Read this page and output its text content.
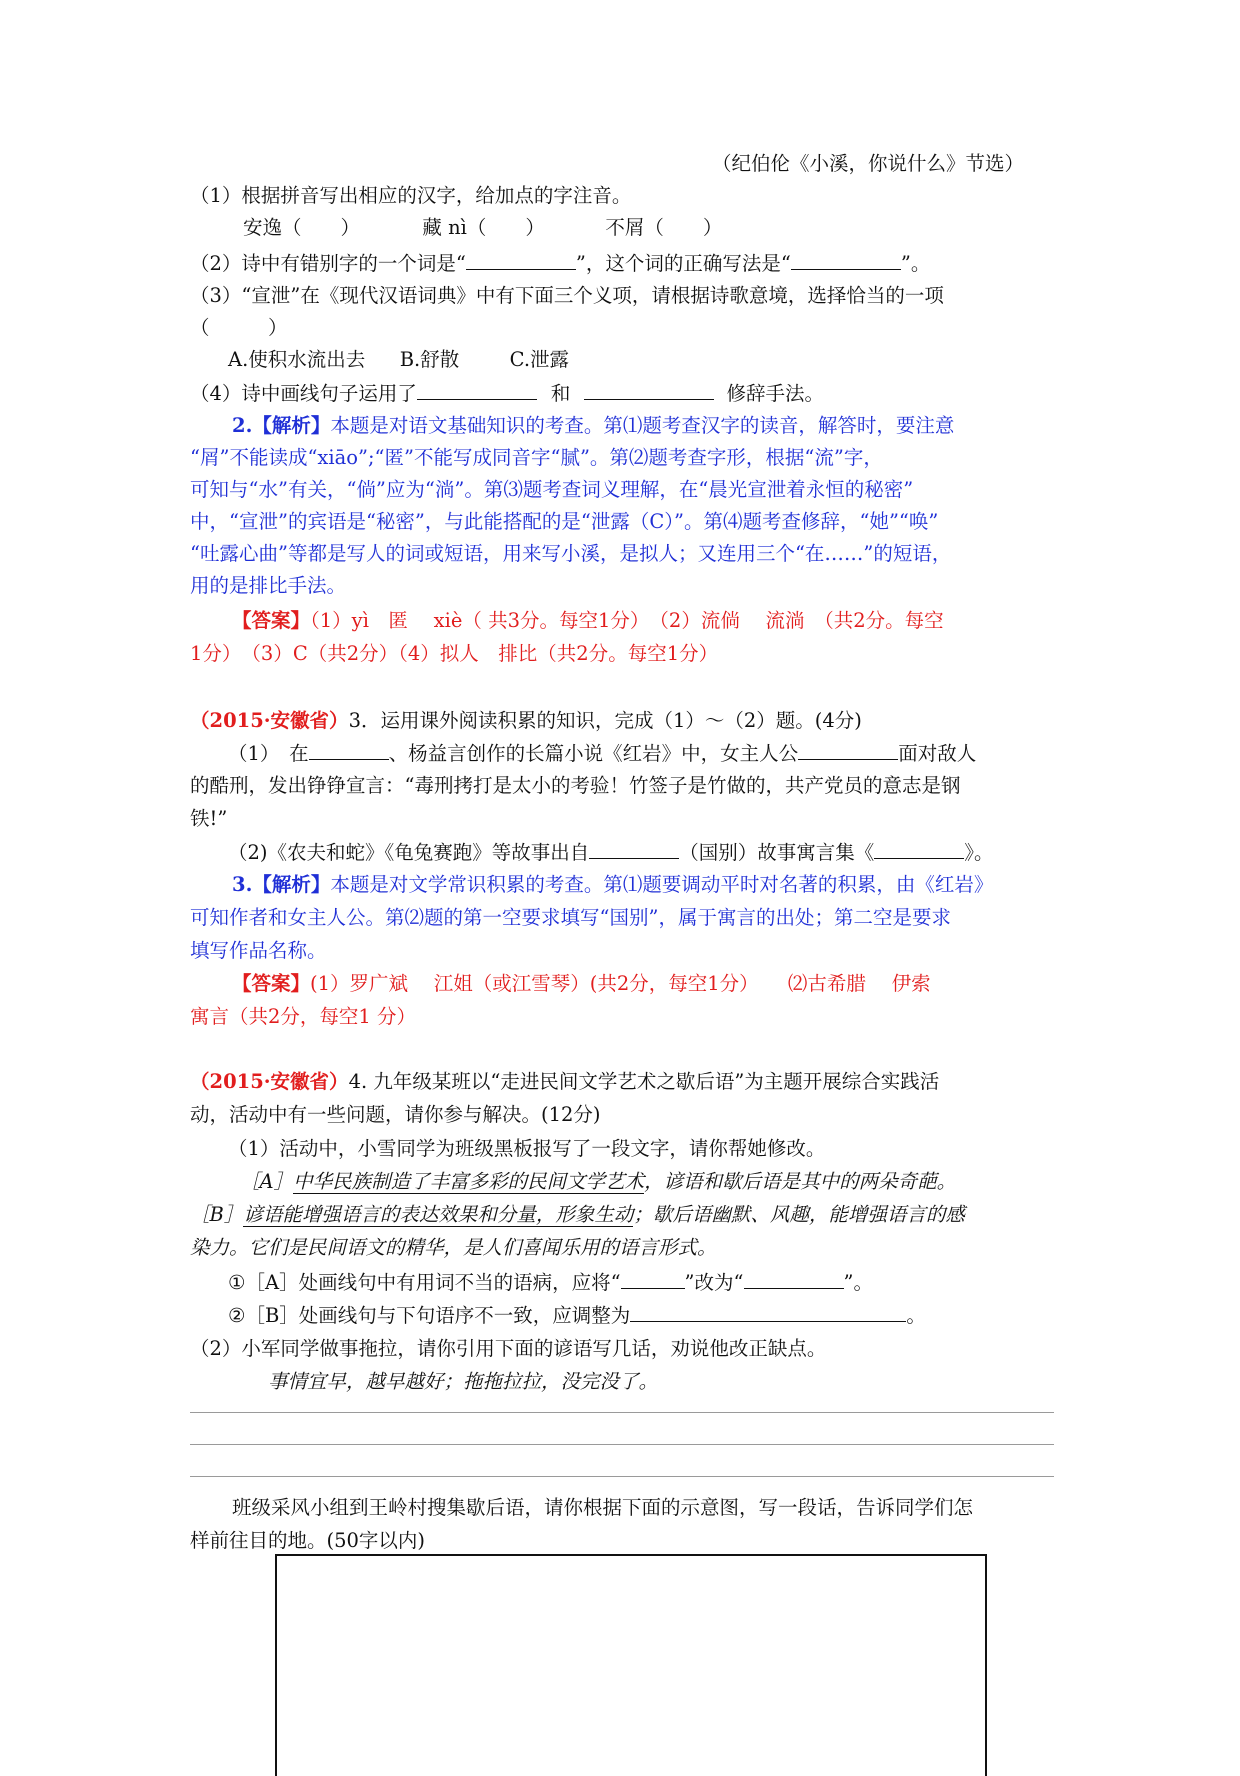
（纪伯伦《小溪，你说什么》节选）
（1）根据拼音写出相应的汉字，给加点的字注音。
安逸（　　）	藏 nì（　　）	不屑（　　）
（2）诗中有错别字的一个词是“	”，这个词的正确写法是“	”。
（3）“宣泄”在《现代汉语词典》中有下面三个义项，请根据诗歌意境，选择恰当的一项
（　　　）
A.使积水流出去 B.舒散	C.泄露
（4）诗中画线句子运用了	和	修辞手法。
2.【解析】本题是对语文基础知识的考查。第⑴题考查汉字的读音，解答时，要注意
“屑”不能读成“xiāo”;“匿”不能写成同音字“腻”。第⑵题考查字形，根据“流”字，
可知与“水”有关，“倘”应为“淌”。第⑶题考查词义理解，在“晨光宣泄着永恒的秘密”
中，“宣泄”的宾语是“秘密”，与此能搭配的是“泄露（C）”。第⑷题考查修辞，“她”“唤”
“吐露心曲”等都是写人的词或短语，用来写小溪，是拟人；又连用三个“在……”的短语，
用的是排比手法。
【答案】（1）yì　匿　 xiè（ 共3分。每空1分）　（2）流倘　 流淌　（共2分。每空
1分）　（3）C（共2分）（4）拟人　排比（共2分。每空1分）
（2015·安徽省）3．运用课外阅读积累的知识，完成（1）～（2）题。(4分)
（1）　在	、杨益言创作的长篇小说《红岩》中，女主人公	面对敌人
的酷刑，发出铮铮宣言：“毒刑拷打是太小的考验！竹签子是竹做的，共产党员的意志是钢
铁!”
（2)《农夫和蛇》《龟兔赛跑》等故事出自	（国别）故事寓言集《	》。
3.【解析】本题是对文学常识积累的考查。第⑴题要调动平时对名著的积累，由《红岩》
可知作者和女主人公。第⑵题的第一空要求填写“国别”，属于寓言的出处；第二空是要求
填写作品名称。
【答案】(1）罗广斌　 江姐（或江雪琴）(共2分，每空1分）　　⑵古希腊　 伊索
寓言（共2分，每空1 分）
（2015·安徽省）4. 九年级某班以“走进民间文学艺术之歇后语”为主题开展综合实践活
动，活动中有一些问题，请你参与解决。(12分)
（1）活动中，小雪同学为班级黑板报写了一段文字，请你帮她修改。
［A］中华民族制造了丰富多彩的民间文学艺术，谚语和歇后语是其中的两朵奇葩。
［B］谚语能增强语言的表达效果和分量，形象生动；歇后语幽默、风趣，能增强语言的感
染力。它们是民间语文的精华，是人们喜闻乐用的语言形式。
①［A］处画线句中有用词不当的语病，应将“	”改为“	”。
②［B］处画线句与下句语序不一致，应调整为	。
（2）小军同学做事拖拉，请你引用下面的谚语写几话，劝说他改正缺点。
事情宜早，越早越好；拖拖拉拉，没完没了。
班级采风小组到王岭村搜集歇后语，请你根据下面的示意图，写一段话，告诉同学们怎
样前往目的地。(50字以内)
